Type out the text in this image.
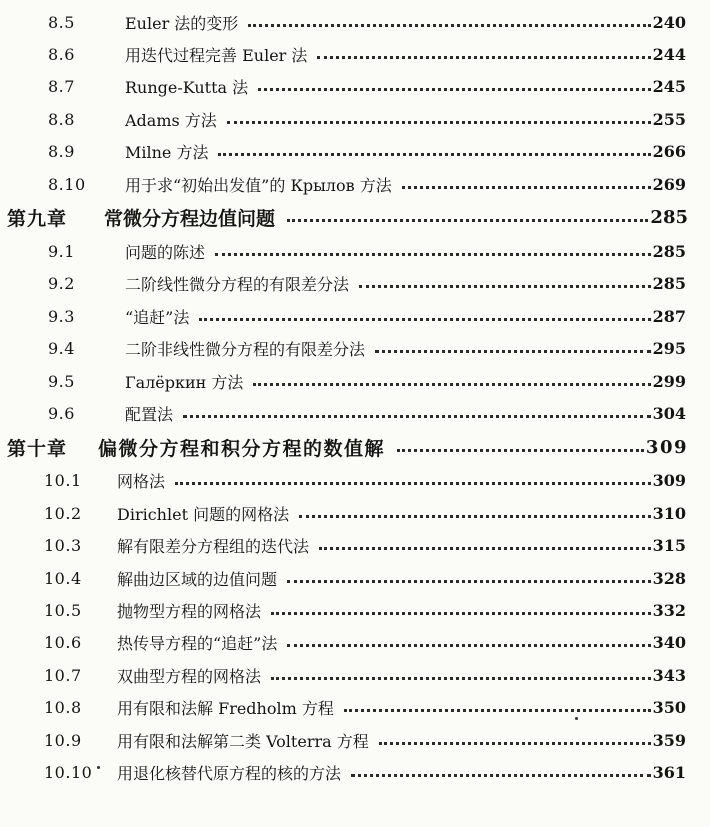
8.5	Euler 法的变形	240
8.6	用迭代过程完善 Euler 法	244
8.7	Runge-Kutta 法	245
8.8	Adams 方法	255
8.9	Milne 方法	266
8.10 用于求“初始出发值”的 Крылов 方法	269
第九章 常微分方程边值问题	285
9.1	问题的陈述	285
9.2	二阶线性微分方程的有限差分法	285
9.3	“追赶”法	287
9.4	二阶非线性微分方程的有限差分法	295
9.5	Галёркин 方法	299
9.6	配置法	304
第十章 偏微分方程和积分方程的数值解	309
10.1 网格法	309
10.2 Dirichlet 问题的网格法	310
10.3 解有限差分方程组的迭代法	315
10.4 解曲边区域的边值问题	328
10.5 抛物型方程的网格法	332
10.6 热传导方程的“追赶”法	340
10.7 双曲型方程的网格法	343
10.8 用有限和法解 Fredholm 方程	350
10.9 用有限和法解第二类 Volterra 方程	359
10.10 用退化核替代原方程的核的方法	361
